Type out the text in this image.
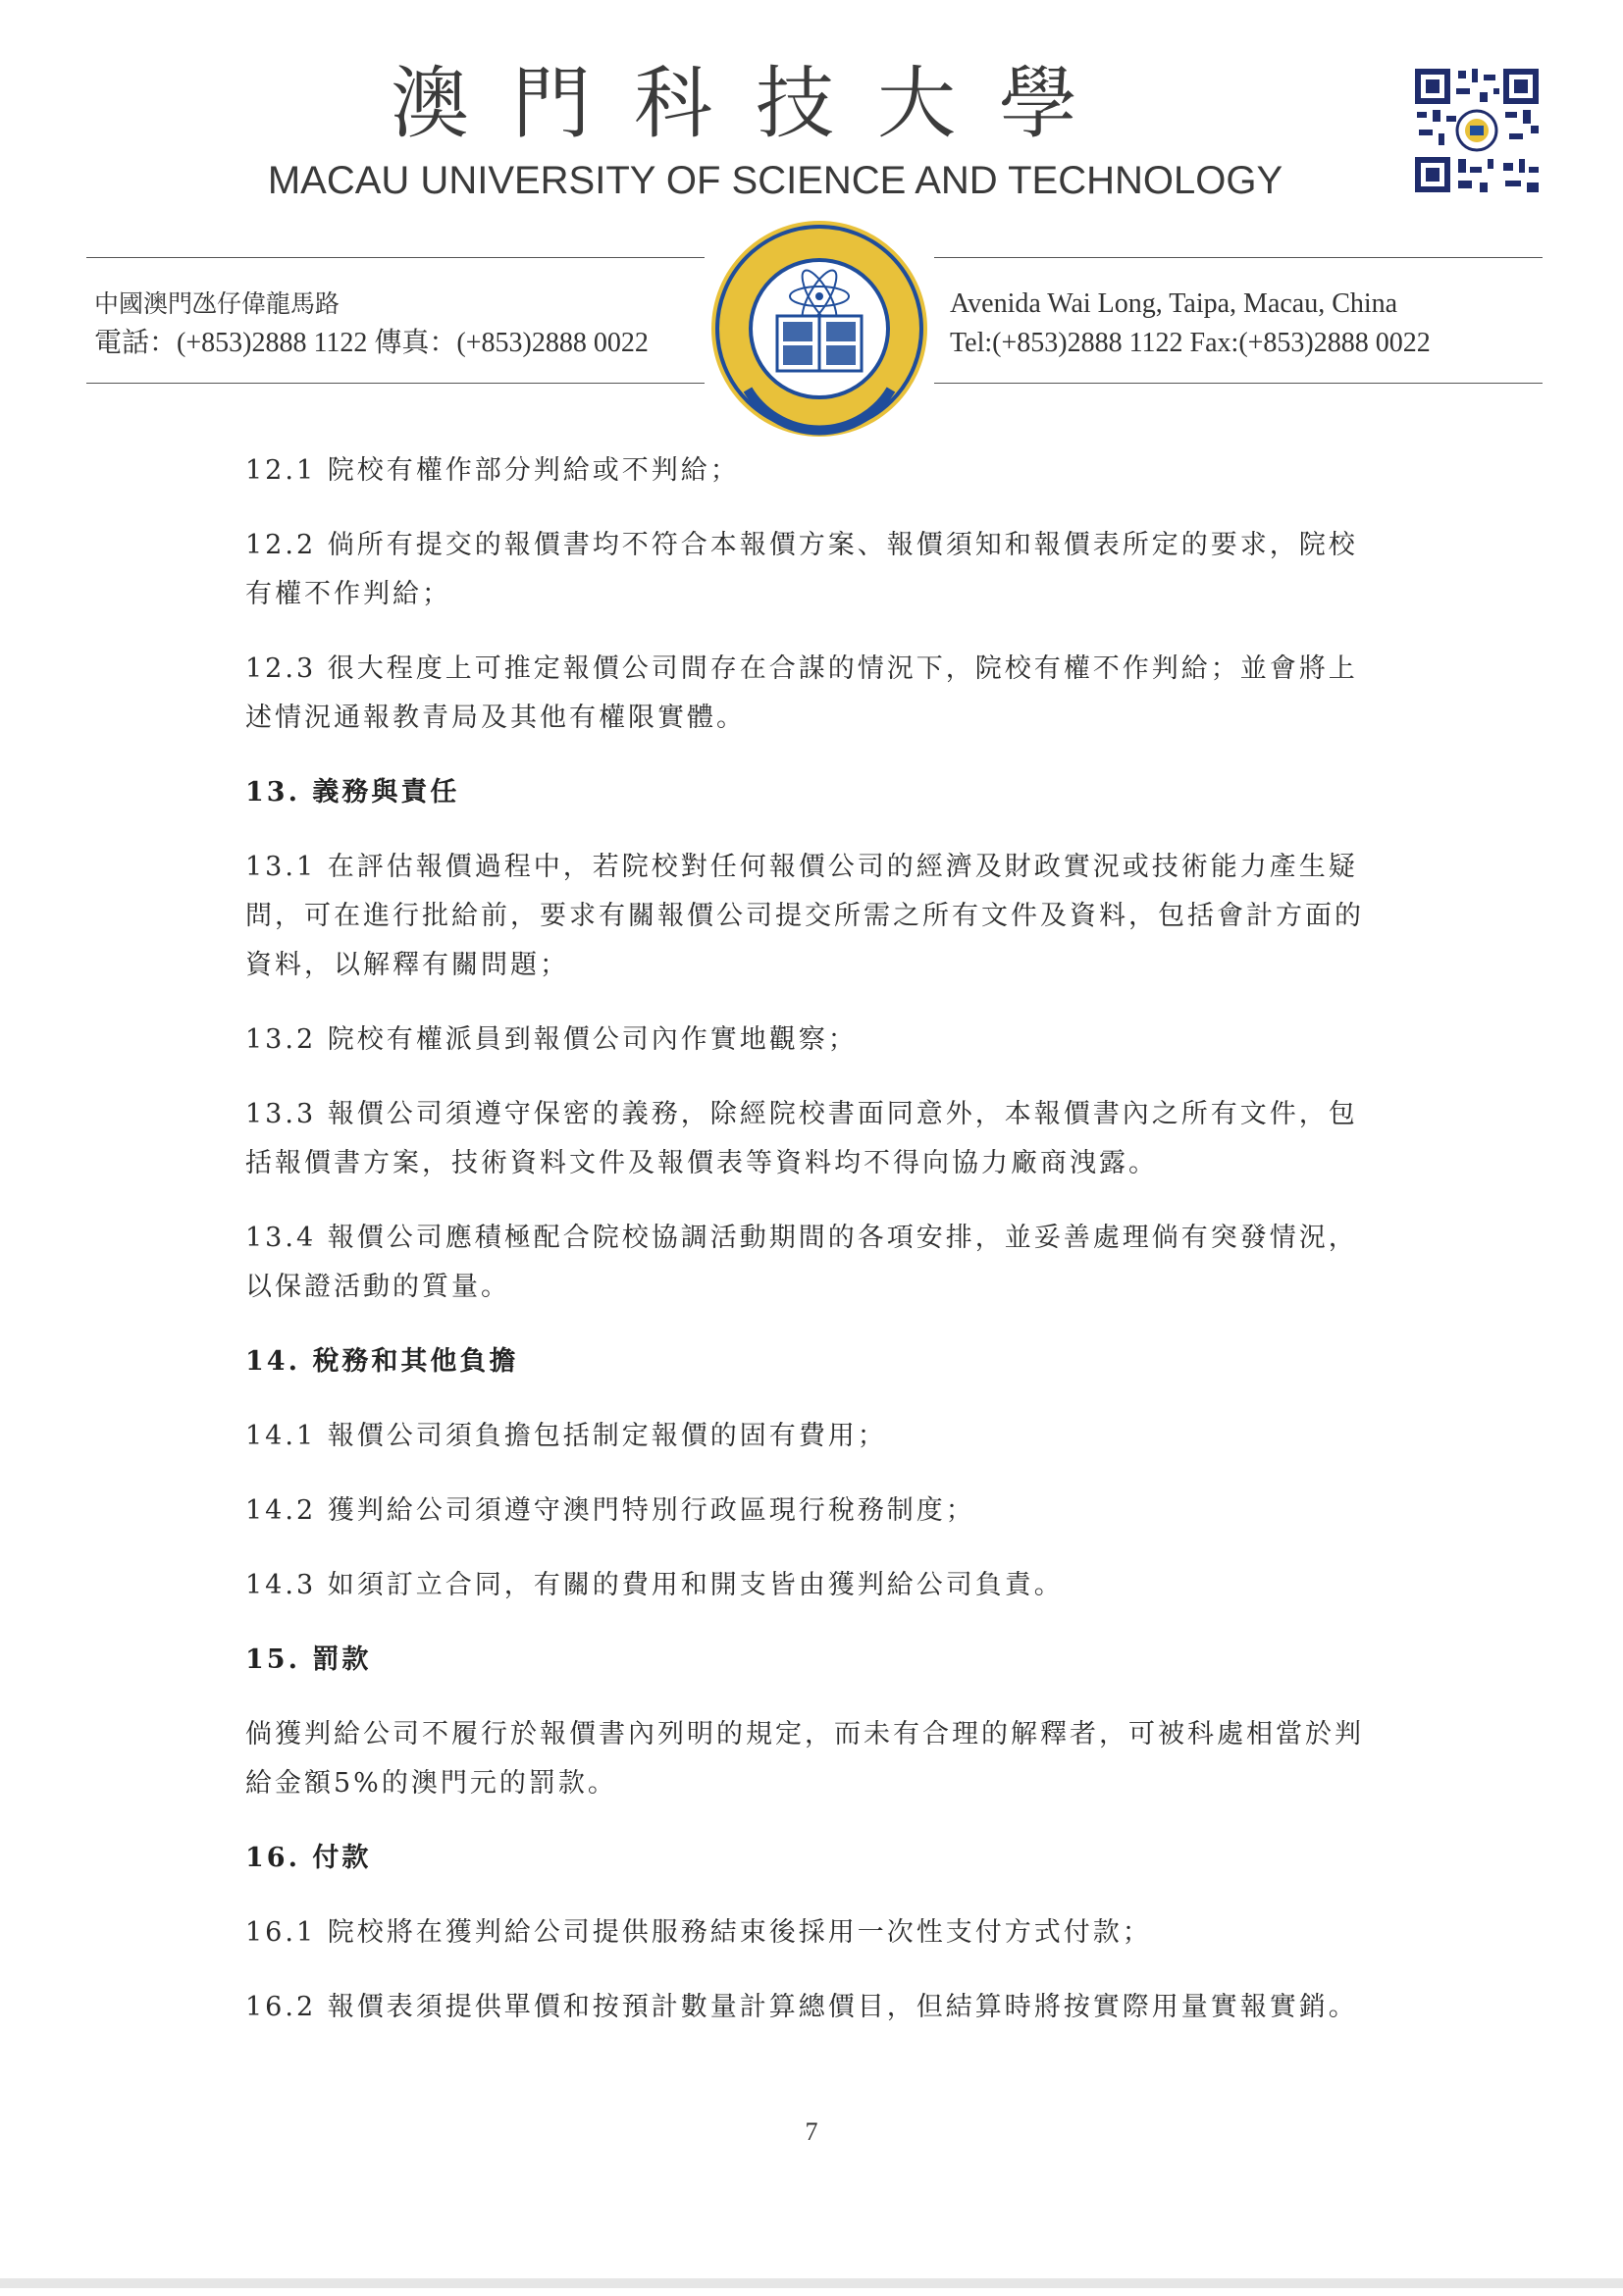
澳門科技大學
MACAU UNIVERSITY OF SCIENCE AND TECHNOLOGY
中國澳門氹仔偉龍馬路
電話：(+853)2888 1122 傳真：(+853)2888 0022
Avenida Wai Long, Taipa, Macau, China
Tel:(+853)2888 1122 Fax:(+853)2888 0022
12.1 院校有權作部分判給或不判給；
12.2 倘所有提交的報價書均不符合本報價方案、報價須知和報價表所定的要求，院校有權不作判給；
12.3 很大程度上可推定報價公司間存在合謀的情況下，院校有權不作判給；並會將上述情況通報教青局及其他有權限實體。
13. 義務與責任
13.1 在評估報價過程中，若院校對任何報價公司的經濟及財政實況或技術能力產生疑問，可在進行批給前，要求有關報價公司提交所需之所有文件及資料，包括會計方面的資料，以解釋有關問題；
13.2 院校有權派員到報價公司內作實地觀察；
13.3 報價公司須遵守保密的義務，除經院校書面同意外，本報價書內之所有文件，包括報價書方案，技術資料文件及報價表等資料均不得向協力廠商洩露。
13.4 報價公司應積極配合院校協調活動期間的各項安排，並妥善處理倘有突發情況，以保證活動的質量。
14. 稅務和其他負擔
14.1 報價公司須負擔包括制定報價的固有費用；
14.2 獲判給公司須遵守澳門特別行政區現行稅務制度；
14.3 如須訂立合同，有關的費用和開支皆由獲判給公司負責。
15. 罰款
倘獲判給公司不履行於報價書內列明的規定，而未有合理的解釋者，可被科處相當於判給金額5%的澳門元的罰款。
16. 付款
16.1 院校將在獲判給公司提供服務結束後採用一次性支付方式付款；
16.2 報價表須提供單價和按預計數量計算總價目，但結算時將按實際用量實報實銷。
7
